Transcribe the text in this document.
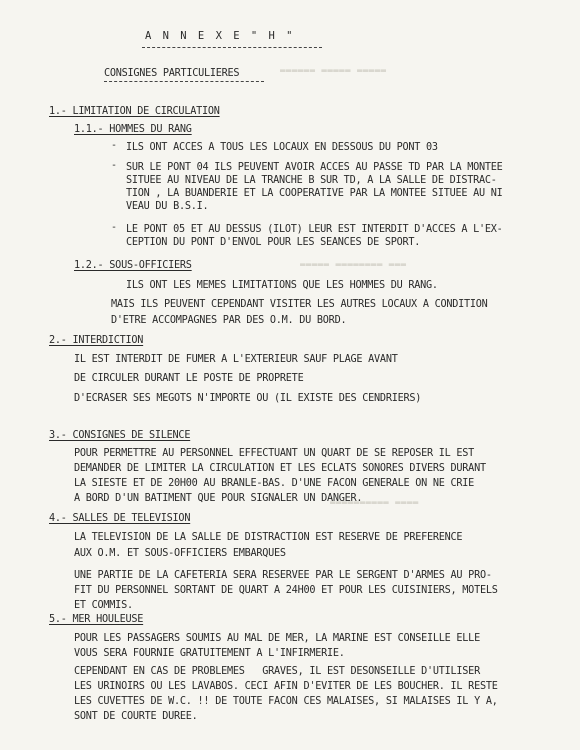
▬▬▬▬▬▬ ▬▬▬▬▬ ▬▬▬▬▬
▬▬▬▬▬ ▬▬▬▬▬▬▬▬ ▬▬▬
▬▬▬▬▬▬▬▬▬▬ ▬▬▬▬
A N N E X E " H "
CONSIGNES PARTICULIERES
1.- LIMITATION DE CIRCULATION
1.1.- HOMMES DU RANG
- ILS ONT ACCES A TOUS LES LOCAUX EN DESSOUS DU PONT 03
- SUR LE PONT 04 ILS PEUVENT AVOIR ACCES AU PASSE TD PAR LA MONTEE
SITUEE AU NIVEAU DE LA TRANCHE B SUR TD, A LA SALLE DE DISTRAC-
TION , LA BUANDERIE ET LA COOPERATIVE PAR LA MONTEE SITUEE AU NI
VEAU DU B.S.I.
- LE PONT 05 ET AU DESSUS (ILOT) LEUR EST INTERDIT D'ACCES A L'EX-
CEPTION DU PONT D'ENVOL POUR LES SEANCES DE SPORT.
1.2.- SOUS-OFFICIERS
ILS ONT LES MEMES LIMITATIONS QUE LES HOMMES DU RANG.
MAIS ILS PEUVENT CEPENDANT VISITER LES AUTRES LOCAUX A CONDITION
D'ETRE ACCOMPAGNES PAR DES O.M. DU BORD.
2.- INTERDICTION
IL EST INTERDIT DE FUMER A L'EXTERIEUR SAUF PLAGE AVANT
DE CIRCULER DURANT LE POSTE DE PROPRETE
D'ECRASER SES MEGOTS N'IMPORTE OU (IL EXISTE DES CENDRIERS)
3.- CONSIGNES DE SILENCE
POUR PERMETTRE AU PERSONNEL EFFECTUANT UN QUART DE SE REPOSER IL EST
DEMANDER DE LIMITER LA CIRCULATION ET LES ECLATS SONORES DIVERS DURANT
LA SIESTE ET DE 20H00 AU BRANLE-BAS. D'UNE FACON GENERALE ON NE CRIE
A BORD D'UN BATIMENT QUE POUR SIGNALER UN DANGER.
4.- SALLES DE TELEVISION
LA TELEVISION DE LA SALLE DE DISTRACTION EST RESERVE DE PREFERENCE
AUX O.M. ET SOUS-OFFICIERS EMBARQUES
UNE PARTIE DE LA CAFETERIA SERA RESERVEE PAR LE SERGENT D'ARMES AU PRO-
FIT DU PERSONNEL SORTANT DE QUART A 24H00 ET POUR LES CUISINIERS, MOTELS
ET COMMIS.
5.- MER HOULEUSE
POUR LES PASSAGERS SOUMIS AU MAL DE MER, LA MARINE EST CONSEILLE ELLE
VOUS SERA FOURNIE GRATUITEMENT A L'INFIRMERIE.
CEPENDANT EN CAS DE PROBLEMES   GRAVES, IL EST DESONSEILLE D'UTILISER
LES URINOIRS OU LES LAVABOS. CECI AFIN D'EVITER DE LES BOUCHER. IL RESTE
LES CUVETTES DE W.C. !! DE TOUTE FACON CES MALAISES, SI MALAISES IL Y A,
SONT DE COURTE DUREE.
